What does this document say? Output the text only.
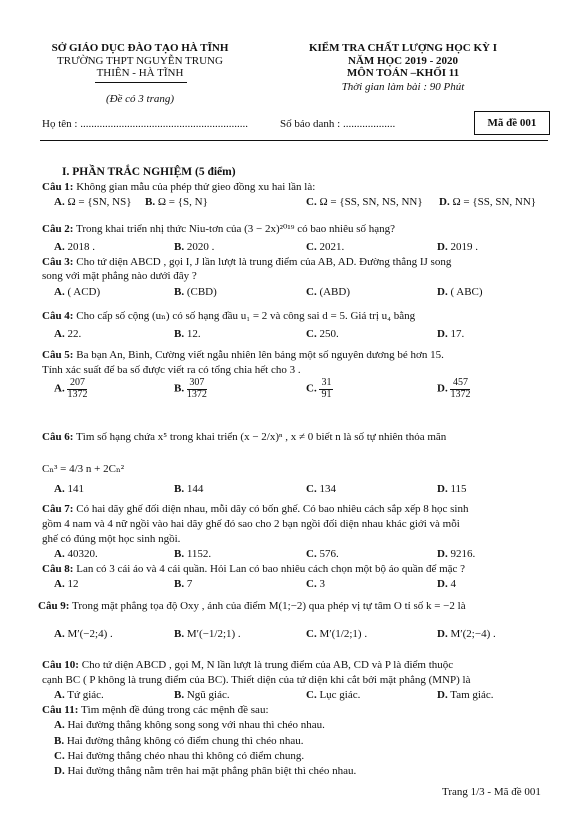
SỞ GIÁO DỤC ĐÀO TẠO HÀ TĨNH
TRƯỜNG THPT NGUYỄN TRUNG
THIÊN - HÀ TĨNH
(Đề có 3 trang)
KIỂM TRA CHẤT LƯỢNG HỌC KỲ I
NĂM HỌC 2019 - 2020
MÔN TOÁN –KHỐI 11
Thời gian làm bài : 90 Phút
Họ tên : .............................................................	Số báo danh : ...................	Mã đề 001
I. PHẦN TRẮC NGHIỆM (5 điểm)
Câu 1: Không gian mẫu của phép thử gieo đồng xu hai lần là:
A. Ω = {SN, NS} B. Ω = {S, N}	C. Ω = {SS, SN, NS, NN} D. Ω = {SS, SN, NN}
Câu 2: Trong khai triển nhị thức Niu-tơn của (3 − 2x)²⁰¹⁹ có bao nhiêu số hạng?
A. 2018 .	B. 2020 .	C. 2021.	D. 2019 .
Câu 3: Cho tứ diện ABCD , gọi I, J lần lượt là trung điểm của AB, AD. Đường thẳng IJ song
song với mặt phẳng nào dưới đây ?
A. ( ACD)	B. (CBD)	C. (ABD)	D. ( ABC)
Câu 4: Cho cấp số cộng (uₙ) có số hạng đầu u₁ = 2 và công sai d = 5. Giá trị u₄ bằng
A. 22.	B. 12.	C. 250.	D. 17.
Câu 5: Ba bạn An, Bình, Cường viết ngẫu nhiên lên bảng một số nguyên dương bé hơn 15.
Tính xác suất để ba số được viết ra có tổng chia hết cho 3 .
A. $\frac{207}{1372}$	B. $\frac{307}{1372}$	C. $\frac{31}{91}$	D. $\frac{457}{1372}$
Câu 6: Tìm số hạng chứa x⁵ trong khai triển (x − 2/x)ⁿ , x ≠ 0 biết n là số tự nhiên thỏa mãn
Cₙ³ = 4/3 n + 2Cₙ²
A. 141	B. 144	C. 134	D. 115
Câu 7: Có hai dãy ghế đối diện nhau, mỗi dãy có bốn ghế. Có bao nhiêu cách sắp xếp 8 học sinh
gồm 4 nam và 4 nữ ngồi vào hai dãy ghế đó sao cho 2 bạn ngồi đối diện nhau khác giới và mỗi
ghế có đúng một học sinh ngồi.
A. 40320.	B. 1152.	C. 576.	D. 9216.
Câu 8: Lan có 3 cái áo và 4 cái quần. Hỏi Lan có bao nhiêu cách chọn một bộ áo quần để mặc ?
A. 12	B. 7	C. 3	D. 4
Câu 9: Trong mặt phẳng tọa độ Oxy , ảnh của điểm M(1;−2) qua phép vị tự tâm O tỉ số k = −2 là
A. M′(−2;4) .	B. M′(−1/2;1) .	C. M′(1/2;1) .	D. M′(2;−4) .
Câu 10: Cho tứ diện ABCD , gọi M, N lần lượt là trung điểm của AB, CD và P là điểm thuộc
cạnh BC ( P không là trung điểm của BC). Thiết diện của tứ diện khi cắt bởi mặt phẳng (MNP) là
A. Tứ giác.	B. Ngũ giác.	C. Lục giác.	D. Tam giác.
Câu 11: Tìm mệnh đề đúng trong các mệnh đề sau:
A. Hai đường thẳng không song song với nhau thì chéo nhau.
B. Hai đường thẳng không có điểm chung thì chéo nhau.
C. Hai đường thẳng chéo nhau thì không có điểm chung.
D. Hai đường thẳng nằm trên hai mặt phẳng phân biệt thì chéo nhau.
Trang 1/3 - Mã đề 001
